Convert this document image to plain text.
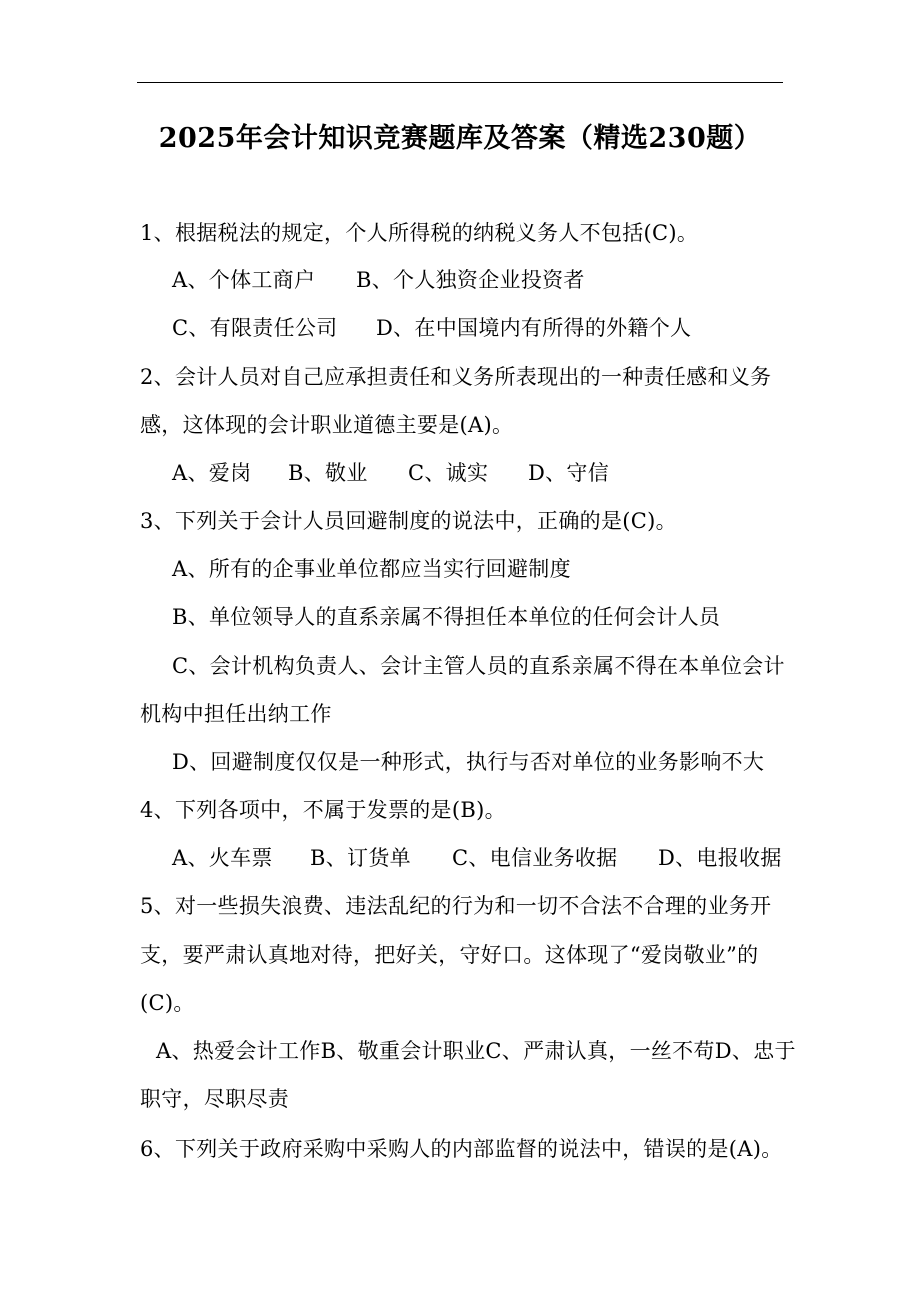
2025年会计知识竞赛题库及答案（精选230题）
1、根据税法的规定，个人所得税的纳税义务人不包括(C)。
A、个体工商户 B、个人独资企业投资者
C、有限责任公司 D、在中国境内有所得的外籍个人
2、会计人员对自己应承担责任和义务所表现出的一种责任感和义务
感，这体现的会计职业道德主要是(A)。
A、爱岗 B、敬业 C、诚实 D、守信
3、下列关于会计人员回避制度的说法中，正确的是(C)。
A、所有的企事业单位都应当实行回避制度
B、单位领导人的直系亲属不得担任本单位的任何会计人员
C、会计机构负责人、会计主管人员的直系亲属不得在本单位会计
机构中担任出纳工作
D、回避制度仅仅是一种形式，执行与否对单位的业务影响不大
4、下列各项中，不属于发票的是(B)。
A、火车票 B、订货单 C、电信业务收据 D、电报收据
5、对一些损失浪费、违法乱纪的行为和一切不合法不合理的业务开
支，要严肃认真地对待，把好关，守好口。这体现了“爱岗敬业”的
(C)。
A、热爱会计工作B、敬重会计职业C、严肃认真，一丝不苟D、忠于
职守，尽职尽责
6、下列关于政府采购中采购人的内部监督的说法中，错误的是(A)。
